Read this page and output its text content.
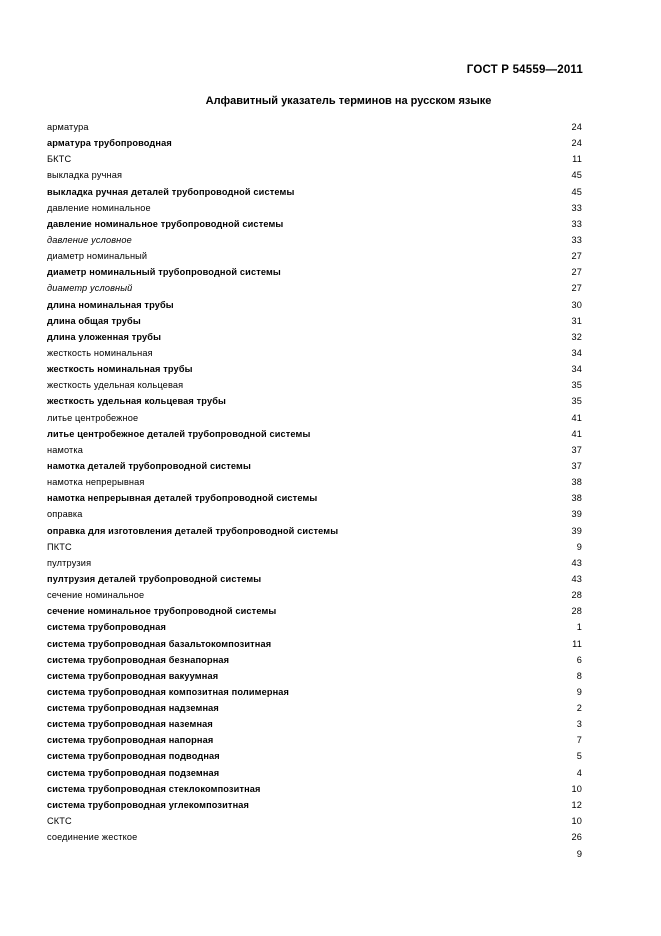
ГОСТ Р 54559—2011
Алфавитный указатель терминов на русском языке
арматура	24
арматура трубопроводная	24
БКТС	11
выкладка ручная	45
выкладка ручная деталей трубопроводной системы	45
давление номинальное	33
давление номинальное трубопроводной системы	33
давление условное	33
диаметр номинальный	27
диаметр номинальный трубопроводной системы	27
диаметр условный	27
длина номинальная трубы	30
длина общая трубы	31
длина уложенная трубы	32
жесткость номинальная	34
жесткость номинальная трубы	34
жесткость удельная кольцевая	35
жесткость удельная кольцевая трубы	35
литье центробежное	41
литье центробежное деталей трубопроводной системы	41
намотка	37
намотка деталей трубопроводной системы	37
намотка непрерывная	38
намотка непрерывная деталей трубопроводной системы	38
оправка	39
оправка для изготовления деталей трубопроводной системы	39
ПКТС	9
пултрузия	43
пултрузия деталей трубопроводной системы	43
сечение номинальное	28
сечение номинальное трубопроводной системы	28
система трубопроводная	1
система трубопроводная базальтокомпозитная	11
система трубопроводная безнапорная	6
система трубопроводная вакуумная	8
система трубопроводная композитная полимерная	9
система трубопроводная надземная	2
система трубопроводная наземная	3
система трубопроводная напорная	7
система трубопроводная подводная	5
система трубопроводная подземная	4
система трубопроводная стеклокомпозитная	10
система трубопроводная углекомпозитная	12
СКТС	10
соединение жесткое	26
9
